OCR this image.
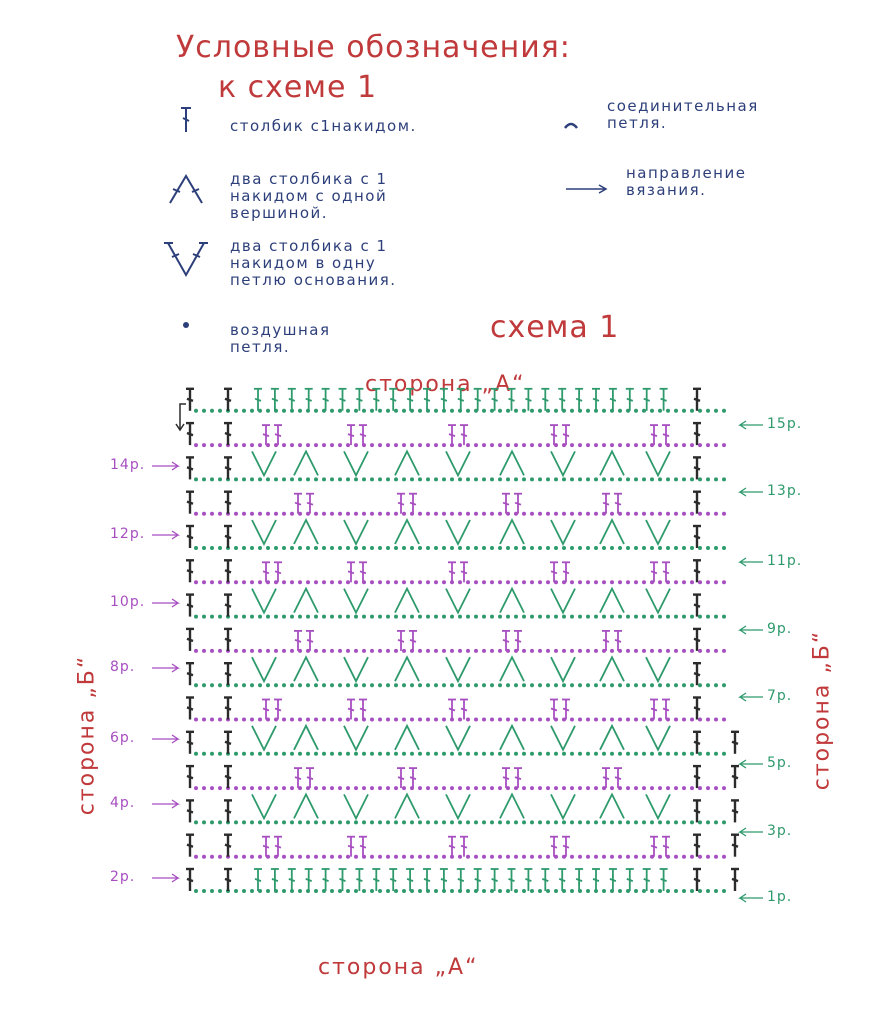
Условные обозначения:
к схеме 1
столбик с1накидом.
два столбика с 1
накидом с одной
вершиной.
два столбика с 1
накидом в одну
петлю основания.
воздушная
петля.
соединительная
петля.
направление
вязания.
схема 1
сторона „А“
сторона „А“
сторона „Б“	сторона „Б“
14р.
12р.
10р.
8р.
6р.
4р.
2р.
15р.
13р.
11р.
9р.
7р.
5р.
3р.
1р.
